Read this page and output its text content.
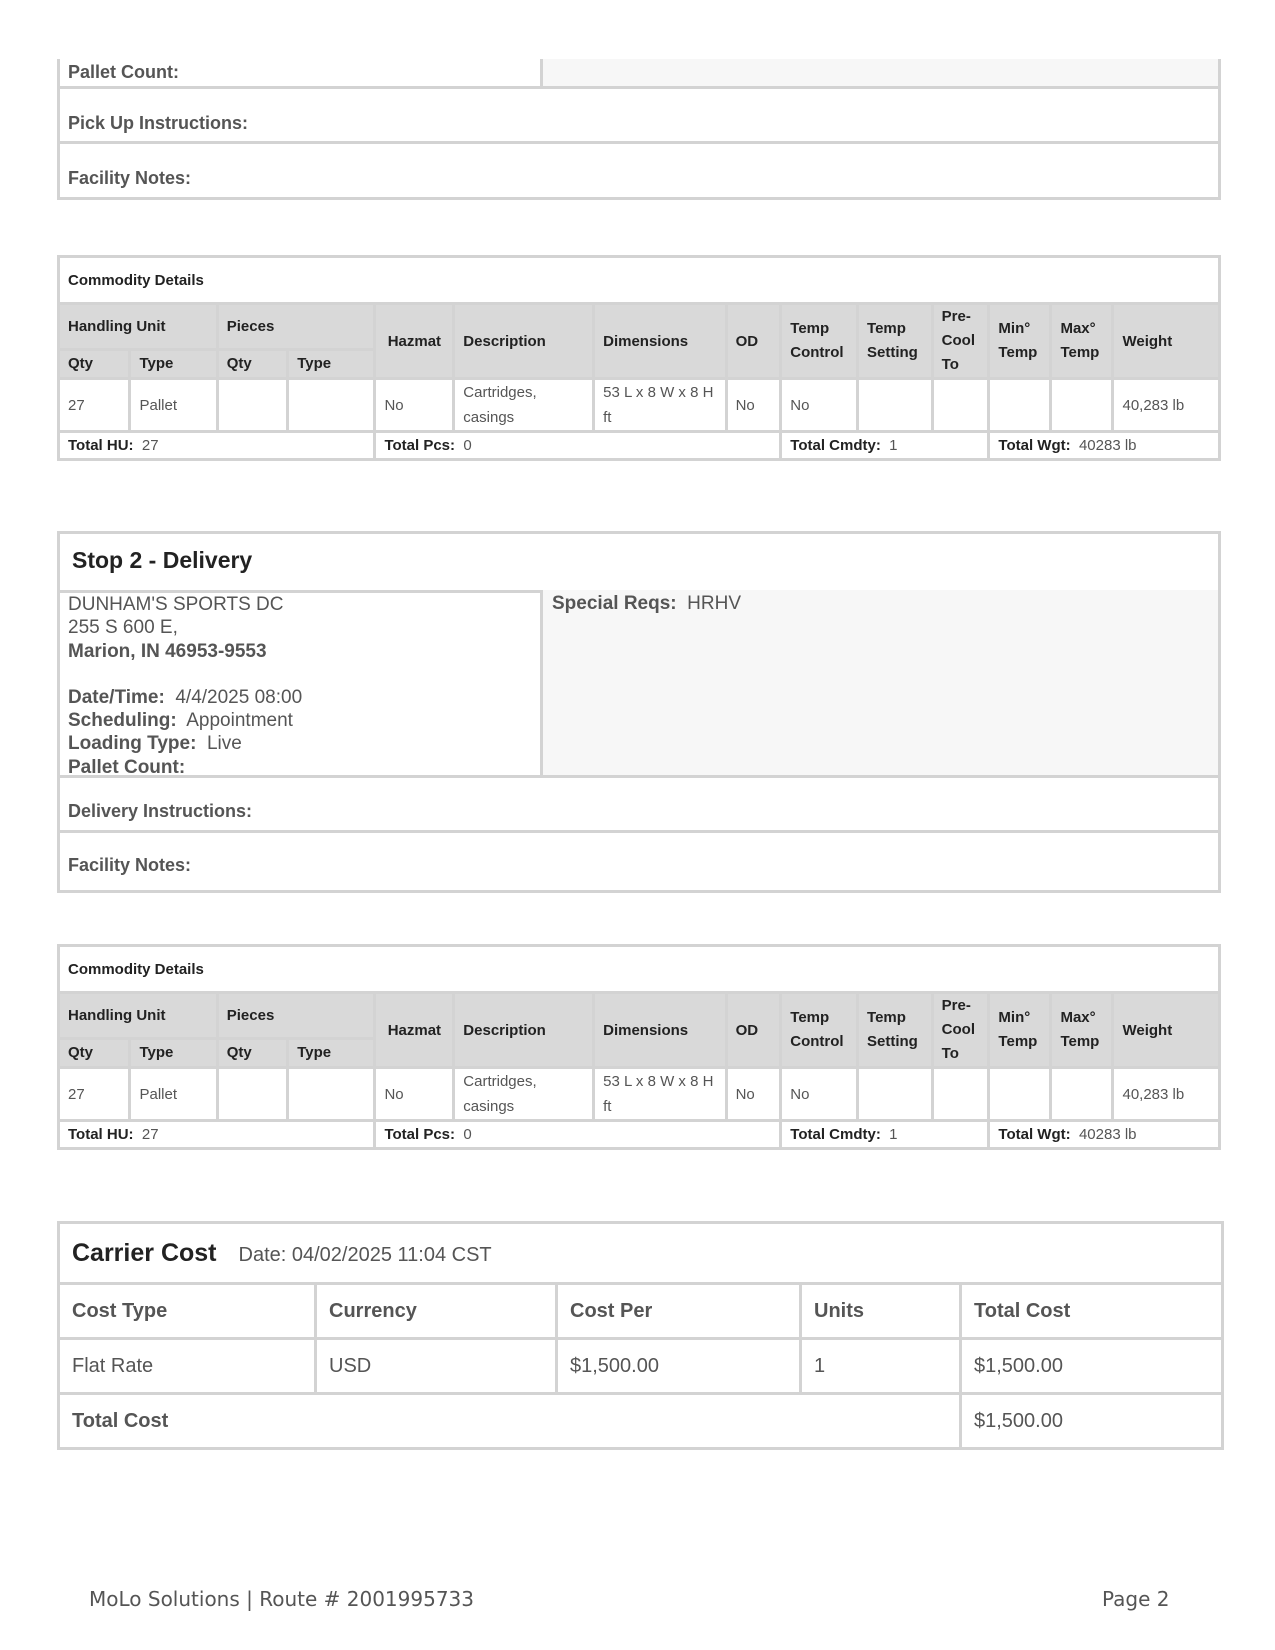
Pallet Count:
Pick Up Instructions:
Facility Notes:
Commodity Details													
Handling Unit		Pieces		Hazmat	Description	Dimensions	OD	Temp Control	Temp Setting	Pre-Cool To	Min° Temp	Max° Temp	Weight
Qty	Type	Qty	Type										
27	Pallet			No	Cartridges, casings	53 L x 8 W x 8 H ft	No	No					40,283 lb
Total HU: 27				Total Pcs: 0				Total Cmdty: 1			Total Wgt: 40283 lb		
Stop 2 - Delivery
DUNHAM'S SPORTS DC
255 S 600 E,
Marion, IN 46953-9553
Date/Time: 4/4/2025 08:00
Scheduling: Appointment
Loading Type: Live
Pallet Count:
Special Reqs: HRHV
Delivery Instructions:
Facility Notes:
Commodity Details													
Handling Unit		Pieces		Hazmat	Description	Dimensions	OD	Temp Control	Temp Setting	Pre-Cool To	Min° Temp	Max° Temp	Weight
Qty	Type	Qty	Type										
27	Pallet			No	Cartridges, casings	53 L x 8 W x 8 H ft	No	No					40,283 lb
Total HU: 27				Total Pcs: 0				Total Cmdty: 1			Total Wgt: 40283 lb		
Carrier Cost Date: 04/02/2025 11:04 CST				
Cost Type	Currency	Cost Per	Units	Total Cost
Flat Rate	USD	$1,500.00	1	$1,500.00
Total Cost				$1,500.00
MoLo Solutions | Route # 2001995733	Page 2
